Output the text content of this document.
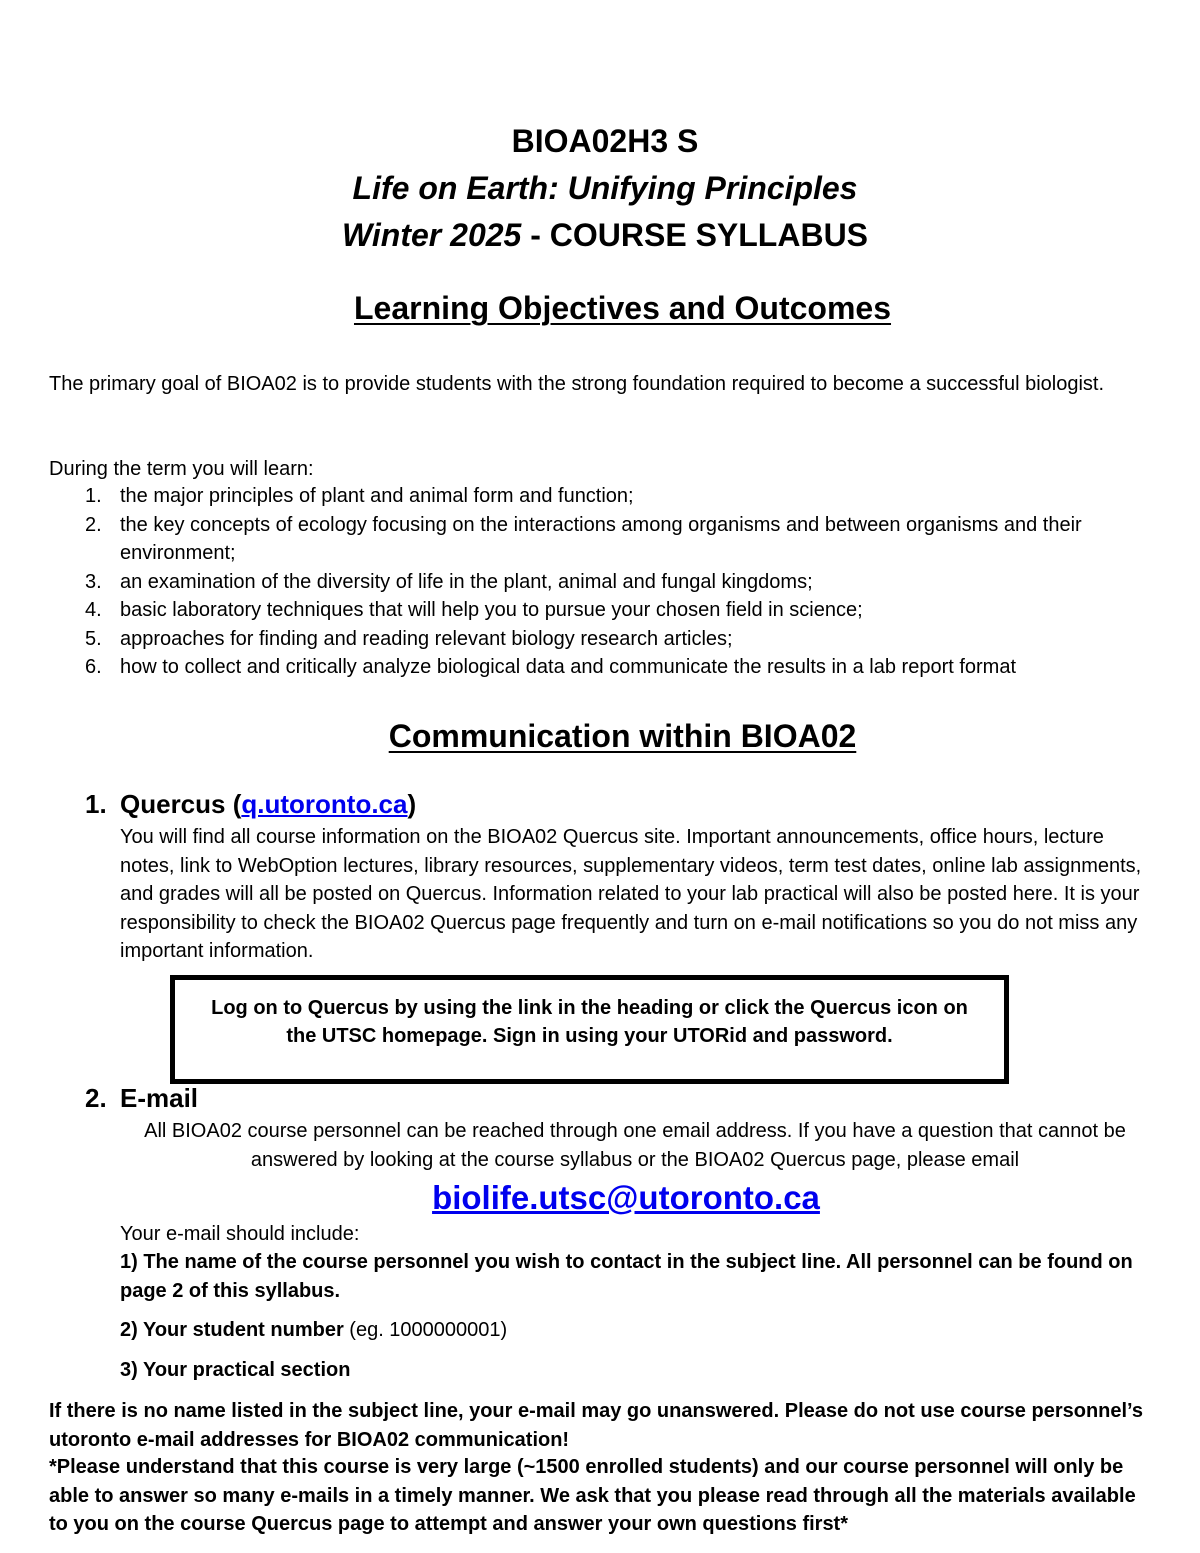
BIOA02H3 S
Life on Earth: Unifying Principles
Winter 2025 - COURSE SYLLABUS
Learning Objectives and Outcomes
The primary goal of BIOA02 is to provide students with the strong foundation required to become a successful biologist.
During the term you will learn:
1. the major principles of plant and animal form and function;
2. the key concepts of ecology focusing on the interactions among organisms and between organisms and their environment;
3. an examination of the diversity of life in the plant, animal and fungal kingdoms;
4. basic laboratory techniques that will help you to pursue your chosen field in science;
5. approaches for finding and reading relevant biology research articles;
6. how to collect and critically analyze biological data and communicate the results in a lab report format
Communication within BIOA02
1. Quercus (q.utoronto.ca)
You will find all course information on the BIOA02 Quercus site. Important announcements, office hours, lecture notes, link to WebOption lectures, library resources, supplementary videos, term test dates, online lab assignments, and grades will all be posted on Quercus. Information related to your lab practical will also be posted here. It is your responsibility to check the BIOA02 Quercus page frequently and turn on e-mail notifications so you do not miss any important information.
Log on to Quercus by using the link in the heading or click the Quercus icon on the UTSC homepage. Sign in using your UTORid and password.
2. E-mail
All BIOA02 course personnel can be reached through one email address. If you have a question that cannot be answered by looking at the course syllabus or the BIOA02 Quercus page, please email
biolife.utsc@utoronto.ca
Your e-mail should include:
1) The name of the course personnel you wish to contact in the subject line. All personnel can be found on page 2 of this syllabus.
2) Your student number (eg. 1000000001)
3) Your practical section
If there is no name listed in the subject line, your e-mail may go unanswered. Please do not use course personnel’s utoronto e-mail addresses for BIOA02 communication!
*Please understand that this course is very large (~1500 enrolled students) and our course personnel will only be able to answer so many e-mails in a timely manner. We ask that you please read through all the materials available to you on the course Quercus page to attempt and answer your own questions first*
